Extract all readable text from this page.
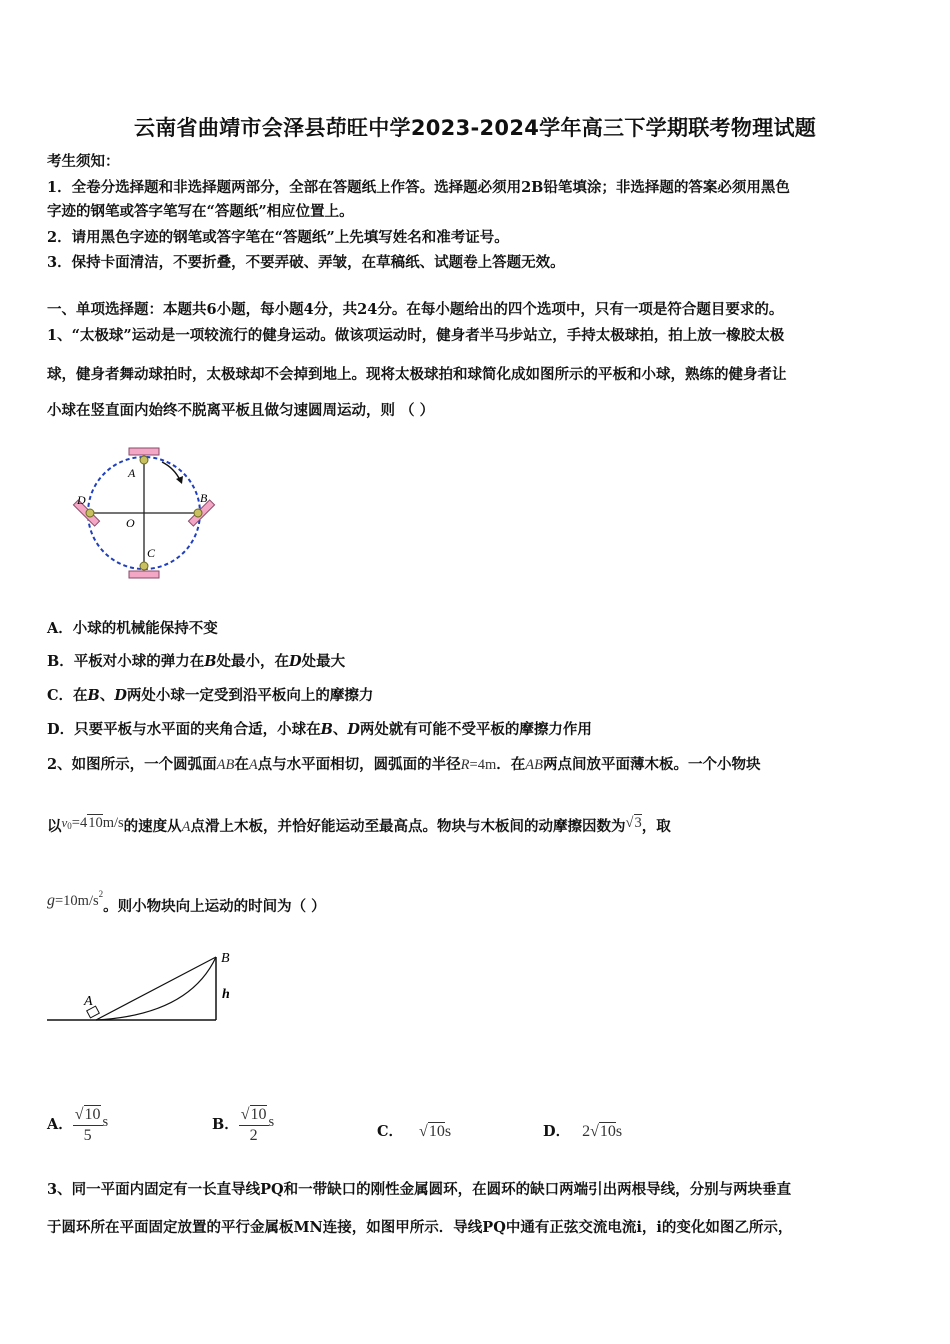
云南省曲靖市会泽县茚旺中学2023-2024学年高三下学期联考物理试题
考生须知：
1．全卷分选择题和非选择题两部分，全部在答题纸上作答。选择题必须用2B铅笔填涂；非选择题的答案必须用黑色
字迹的钢笔或答字笔写在“答题纸”相应位置上。
2．请用黑色字迹的钢笔或答字笔在“答题纸”上先填写姓名和准考证号。
3．保持卡面清洁，不要折叠，不要弄破、弄皱，在草稿纸、试题卷上答题无效。
一、单项选择题：本题共6小题，每小题4分，共24分。在每小题给出的四个选项中，只有一项是符合题目要求的。
1、“太极球”运动是一项较流行的健身运动。做该项运动时，健身者半马步站立，手持太极球拍，拍上放一橡胶太极
球，健身者舞动球拍时，太极球却不会掉到地上。现将太极球拍和球简化成如图所示的平板和小球，熟练的健身者让
小球在竖直面内始终不脱离平板且做匀速圆周运动，则 （ ）
A
B
C
D
O
A．小球的机械能保持不变
B．平板对小球的弹力在B处最小，在D处最大
C．在B、D两处小球一定受到沿平板向上的摩擦力
D．只要平板与水平面的夹角合适，小球在B、D两处就有可能不受平板的摩擦力作用
2、如图所示，一个圆弧面AB在A点与水平面相切，圆弧面的半径R=4m．在AB两点间放平面薄木板。一个小物块
以v0=410m/s的速度从A点滑上木板，并恰好能运动至最高点。物块与木板间的动摩擦因数为√3，取
$g=10m/s^2$。则小物块向上运动的时间为（ ）
A
B
h
A． $\frac{√10}{5}$ s	B． $\frac{√10}{2}$ s
C． √10s	D． 2√10s
3、同一平面内固定有一长直导线PQ和一带缺口的刚性金属圆环，在圆环的缺口两端引出两根导线，分别与两块垂直
于圆环所在平面固定放置的平行金属板MN连接，如图甲所示．导线PQ中通有正弦交流电流i，i的变化如图乙所示，
